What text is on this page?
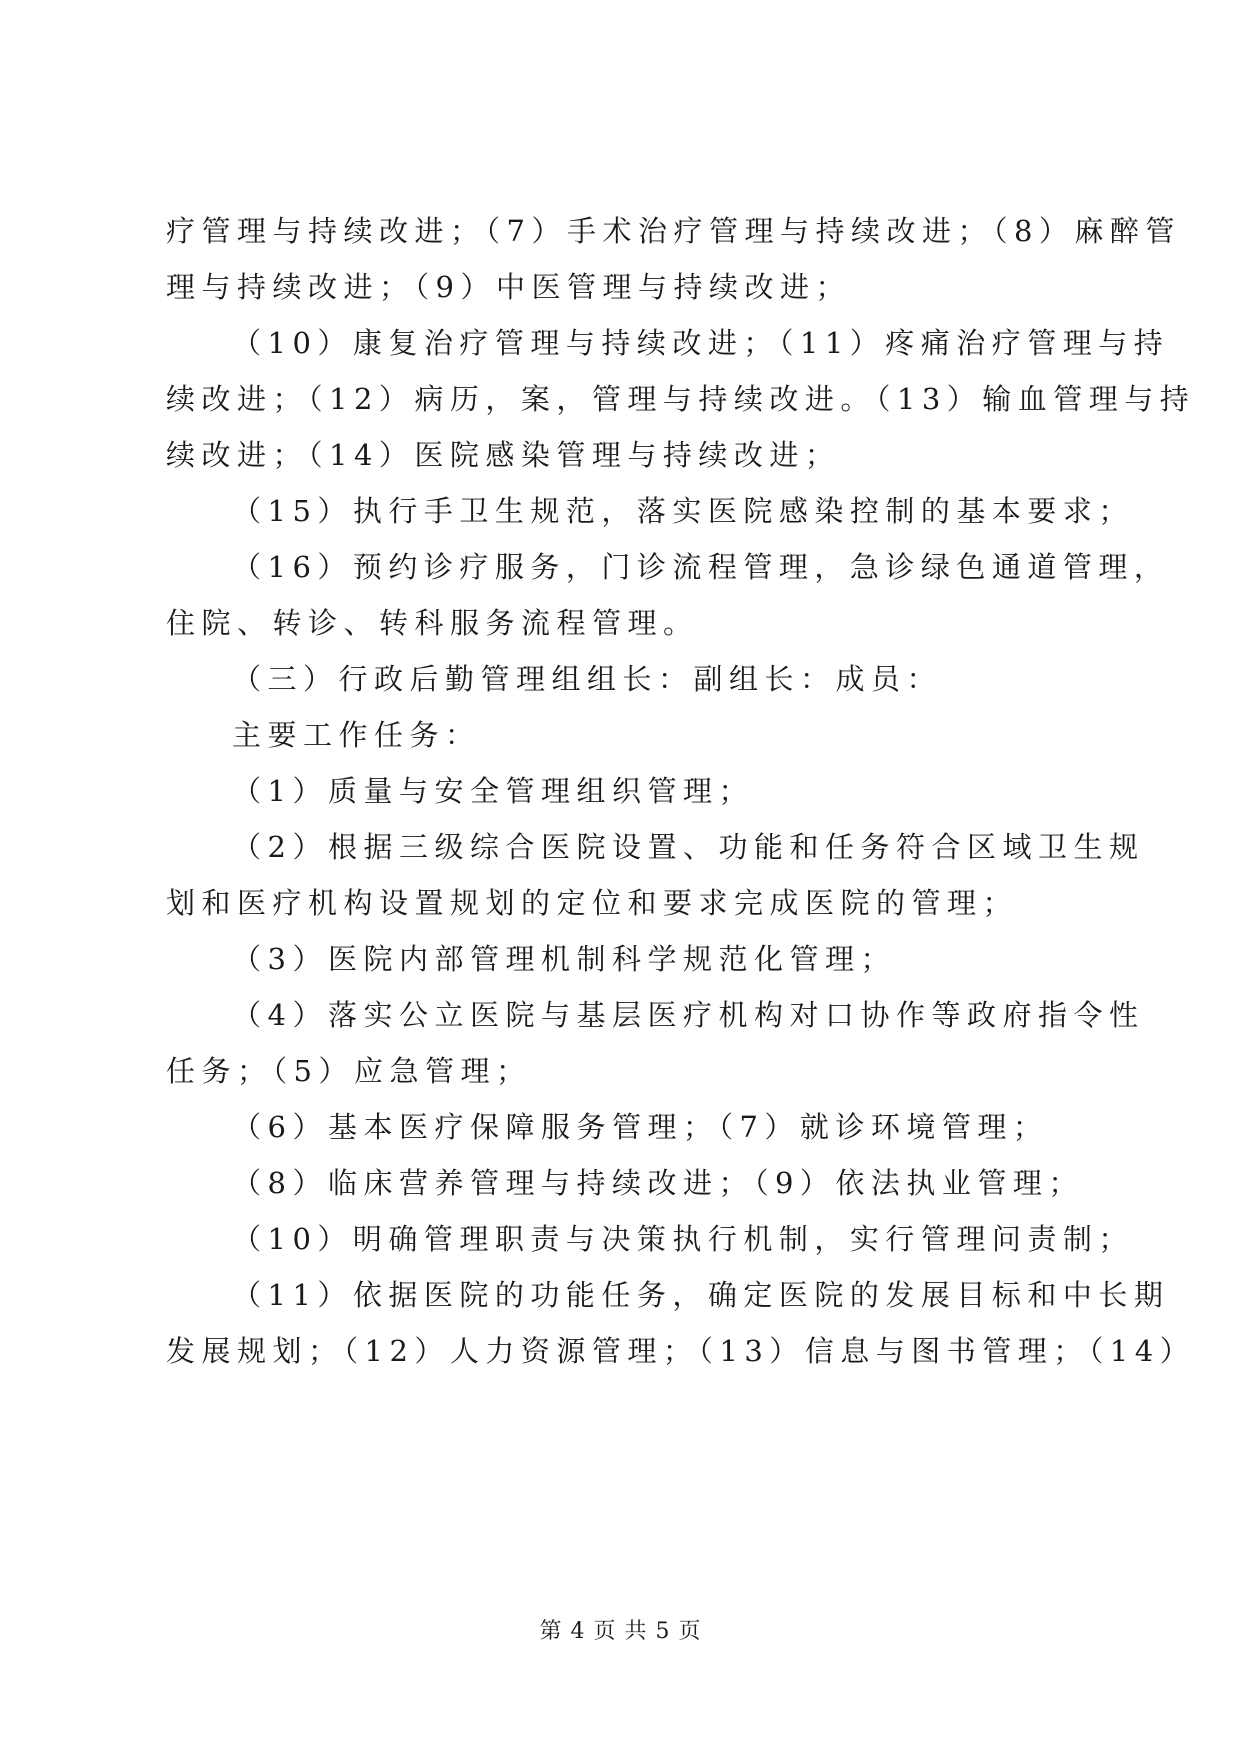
疗管理与持续改进；（7）手术治疗管理与持续改进；（8）麻醉管
理与持续改进；（9）中医管理与持续改进；
（10）康复治疗管理与持续改进；（11）疼痛治疗管理与持
续改进；（12）病历，案，管理与持续改进。（13）输血管理与持
续改进；（14）医院感染管理与持续改进；
（15）执行手卫生规范，落实医院感染控制的基本要求；
（16）预约诊疗服务，门诊流程管理，急诊绿色通道管理，
住院、转诊、转科服务流程管理。
（三）行政后勤管理组组长：副组长：成员：
主要工作任务：
（1）质量与安全管理组织管理；
（2）根据三级综合医院设置、功能和任务符合区域卫生规
划和医疗机构设置规划的定位和要求完成医院的管理；
（3）医院内部管理机制科学规范化管理；
（4）落实公立医院与基层医疗机构对口协作等政府指令性
任务；（5）应急管理；
（6）基本医疗保障服务管理；（7）就诊环境管理；
（8）临床营养管理与持续改进；（9）依法执业管理；
（10）明确管理职责与决策执行机制，实行管理问责制；
（11）依据医院的功能任务，确定医院的发展目标和中长期
发展规划；（12）人力资源管理；（13）信息与图书管理；（14）
第 4 页 共 5 页
